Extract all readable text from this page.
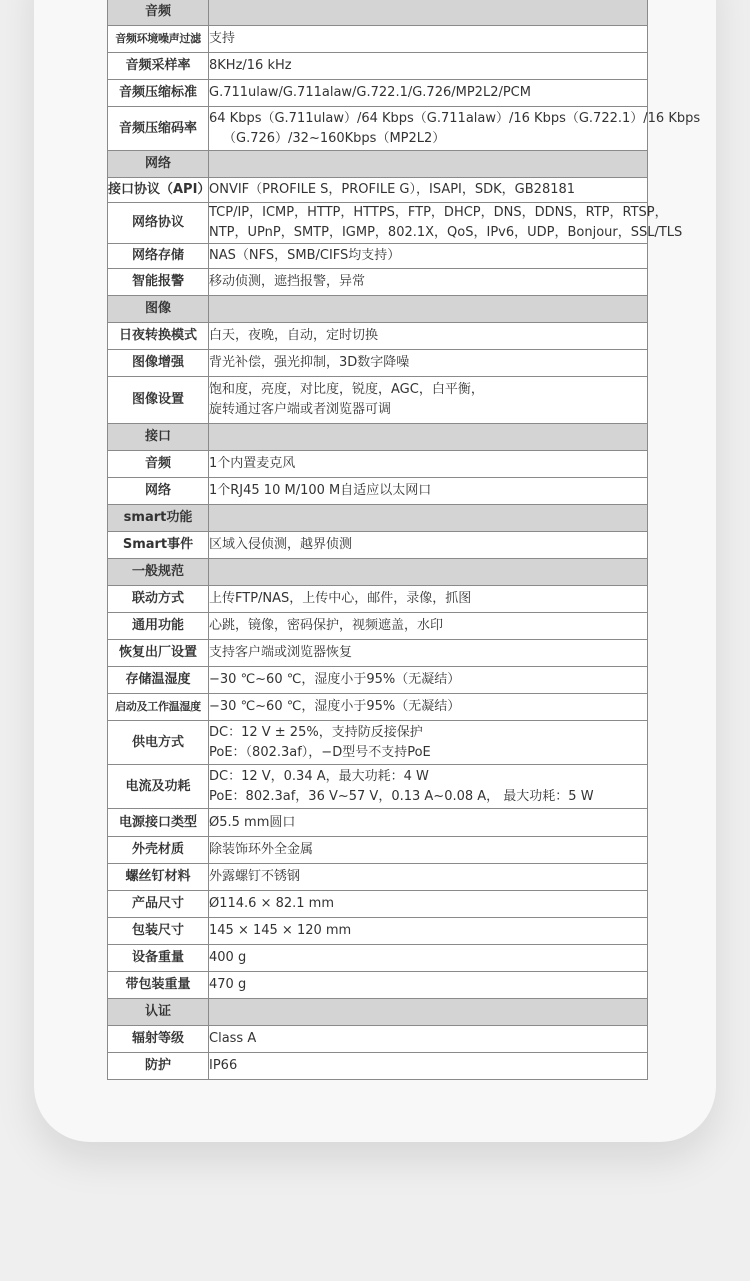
音频	
音频环境噪声过滤	支持

音频采样率	8KHz/16 kHz

音频压缩标准	G.711ulaw/G.711alaw/G.722.1/G.726/MP2L2/PCM

音频压缩码率	64 Kbps（G.711ulaw）/64 Kbps（G.711alaw）/16 Kbps（G.722.1）/16 Kbps
（G.726）/32~160Kbps（MP2L2）

网络	
接口协议（API）	ONVIF（PROFILE S，PROFILE G），ISAPI，SDK，GB28181

网络协议	TCP/IP，ICMP，HTTP，HTTPS，FTP，DHCP，DNS，DDNS，RTP，RTSP，
NTP，UPnP，SMTP，IGMP，802.1X，QoS，IPv6，UDP，Bonjour，SSL/TLS

网络存储	NAS（NFS，SMB/CIFS均支持）

智能报警	移动侦测，遮挡报警，异常

图像	
日夜转换模式	白天，夜晚，自动，定时切换

图像增强	背光补偿，强光抑制，3D数字降噪

图像设置	饱和度，亮度，对比度，锐度，AGC，白平衡，
旋转通过客户端或者浏览器可调

接口	
音频	1个内置麦克风

网络	1个RJ45 10 M/100 M自适应以太网口

smart功能	
Smart事件	区域入侵侦测，越界侦测

一般规范	
联动方式	上传FTP/NAS，上传中心，邮件，录像，抓图

通用功能	心跳，镜像，密码保护，视频遮盖，水印

恢复出厂设置	支持客户端或浏览器恢复

存储温湿度	−30 ℃~60 ℃，湿度小于95%（无凝结）

启动及工作温湿度	−30 ℃~60 ℃，湿度小于95%（无凝结）

供电方式	DC：12 V ± 25%，支持防反接保护
PoE：（802.3af），−D型号不支持PoE

电流及功耗	DC：12 V，0.34 A，最大功耗：4 W
PoE：802.3af，36 V~57 V，0.13 A~0.08 A， 最大功耗：5 W

电源接口类型	Ø5.5 mm圆口

外壳材质	除装饰环外全金属

螺丝钉材料	外露螺钉不锈钢

产品尺寸	Ø114.6 × 82.1 mm

包装尺寸	145 × 145 × 120 mm

设备重量	400 g

带包装重量	470 g

认证	
辐射等级	Class A

防护	IP66
